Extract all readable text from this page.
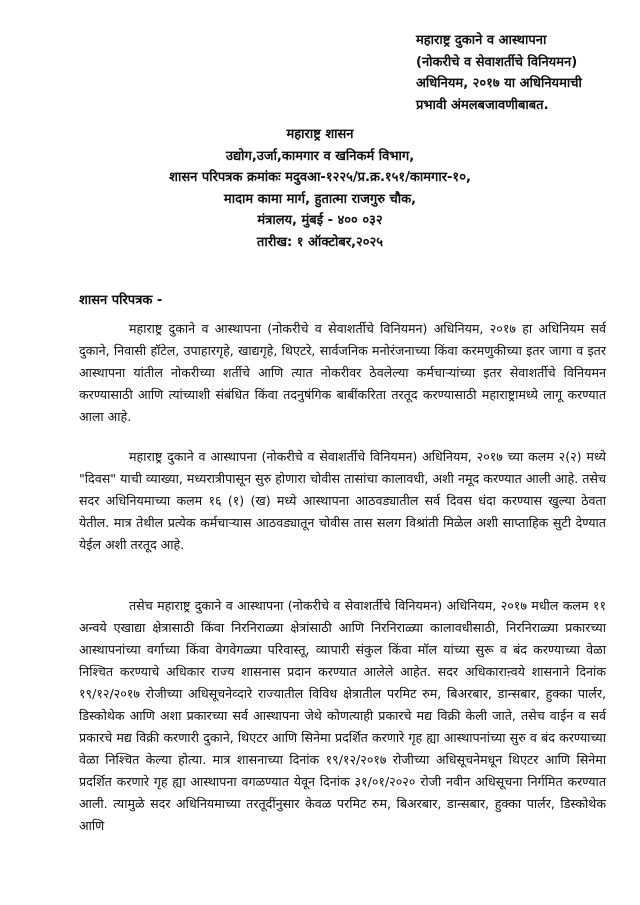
महाराष्ट्र दुकाने व आस्थापना
(नोकरीचे व सेवाशर्तीचे विनियमन)
अधिनियम, २०१७ या अधिनियमाची
प्रभावी अंमलबजावणीबाबत.
महाराष्ट्र शासन
उद्योग,उर्जा,कामगार व खनिकर्म विभाग,
शासन परिपत्रक क्रमांकः मदुवआ-१२२५/प्र.क्र.१५१/कामगार-१०,
मादाम कामा मार्ग, हुतात्मा राजगुरु चौक,
मंत्रालय, मुंबई - ४०० ०३२
तारीख: १ ऑक्टोबर,२०२५
शासन परिपत्रक -

महाराष्ट्र दुकाने व आस्थापना (नोकरीचे व सेवाशर्तीचे विनियमन) अधिनियम, २०१७ हा अधिनियम सर्व दुकाने, निवासी हॉटेल, उपाहारगृहे, खाद्यगृहे, थिएटरे, सार्वजनिक मनोरंजनाच्या किंवा करमणुकीच्या इतर जागा व इतर आस्थापना यांतील नोकरीच्या शर्तीचे आणि त्यात नोकरीवर ठेवलेल्या कर्मचाऱ्यांच्या इतर सेवाशर्तीचे विनियमन करण्यासाठी आणि त्यांच्याशी संबंधित किंवा तदनुषंगिक बाबींकरिता तरतूद करण्यासाठी महाराष्ट्रामध्ये लागू करण्यात आला आहे.

महाराष्ट्र दुकाने व आस्थापना (नोकरीचे व सेवाशर्तीचे विनियमन) अधिनियम, २०१७ च्या कलम २(२) मध्ये "दिवस" याची व्याख्या, मध्यरात्रीपासून सुरु होणारा चोवीस तासांचा कालावधी, अशी नमूद करण्यात आली आहे. तसेच सदर अधिनियमाच्या कलम १६ (१) (ख) मध्ये आस्थापना आठवड्यातील सर्व दिवस धंदा करण्यास खुल्या ठेवता येतील. मात्र तेथील प्रत्येक कर्मचाऱ्यास आठवड्यातून चोवीस तास सलग विश्रांती मिळेल अशी साप्ताहिक सुटी देण्यात येईल अशी तरतूद आहे.

तसेच महाराष्ट्र दुकाने व आस्थापना (नोकरीचे व सेवाशर्तीचे विनियमन) अधिनियम, २०१७ मधील कलम ११ अन्वये एखाद्या क्षेत्रासाठी किंवा निरनिराळ्या क्षेत्रांसाठी आणि निरनिराळ्या कालावधीसाठी, निरनिराळ्या प्रकारच्या आस्थापनांच्या वर्गाच्या किंवा वेगवेगळ्या परिवास्तू, व्यापारी संकुल किंवा मॉल यांच्या सुरू व बंद करण्याच्या वेळा निश्चित करण्याचे अधिकार राज्य शासनास प्रदान करण्यात आलेले आहेत. सदर अधिकाराऩ्वये शासनाने दिनांक १९/१२/२०१७ रोजीच्या अधिसूचनेव्दारे राज्यातील विविध क्षेत्रातील परमिट रुम, बिअरबार, डान्सबार, हुक्का पार्लर, डिस्कोथेक आणि अशा प्रकारच्या सर्व आस्थापना जेथे कोणत्याही प्रकारचे मद्य विक्री केली जाते, तसेच वाईन व सर्व प्रकारचे मद्य विक्री करणारी दुकाने, थिएटर आणि सिनेमा प्रदर्शित करणारे गृह ह्या आस्थापनांच्या सुरु व बंद करण्याच्या वेळा निश्चित केल्या होत्या. मात्र शासनाच्या दिनांक १९/१२/२०१७ रोजीच्या अधिसूचनेमधून थिएटर आणि सिनेमा प्रदर्शित करणारे गृह ह्या आस्थापना वगळण्यात येवून दिनांक ३१/०१/२०२० रोजी नवीन अधिसूचना निर्गमित करण्यात आली. त्यामुळे सदर अधिनियमाच्या तरतूदींनुसार केवळ परमिट रुम, बिअरबार, डान्सबार, हुक्का पार्लर, डिस्कोथेक आणि
